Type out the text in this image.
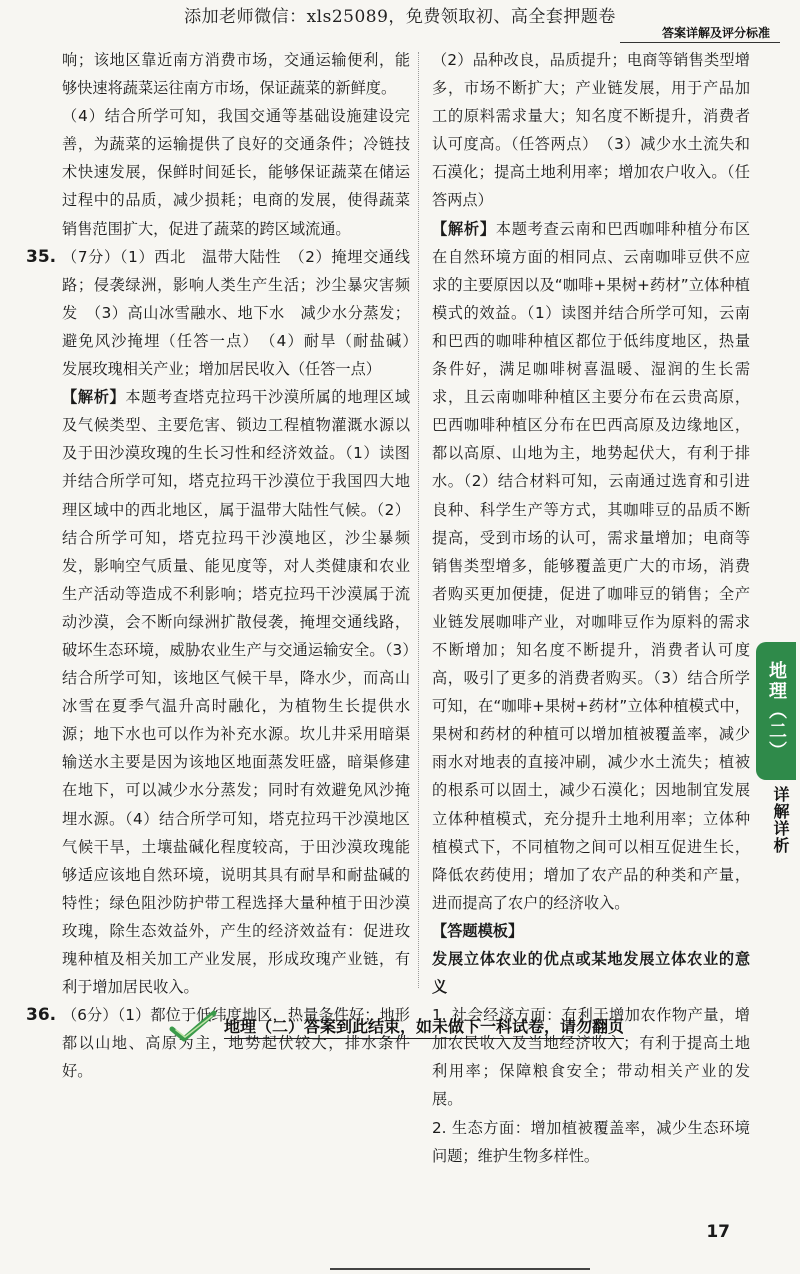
添加老师微信：xls25089，免费领取初、高全套押题卷
答案详解及评分标准

响；该地区靠近南方消费市场，交通运输便利，能够快速将蔬菜运往南方市场，保证蔬菜的新鲜度。

（4）结合所学可知，我国交通等基础设施建设完善，为蔬菜的运输提供了良好的交通条件；冷链技术快速发展，保鲜时间延长，能够保证蔬菜在储运过程中的品质，减少损耗；电商的发展，使得蔬菜销售范围扩大，促进了蔬菜的跨区域流通。

35. （7分）（1）西北　温带大陆性　（2）掩埋交通线路；侵袭绿洲，影响人类生产生活；沙尘暴灾害频发　（3）高山冰雪融水、地下水　减少水分蒸发；避免风沙掩埋（任答一点）　（4）耐旱（耐盐碱）　发展玫瑰相关产业；增加居民收入（任答一点）

【解析】本题考查塔克拉玛干沙漠所属的地理区域及气候类型、主要危害、锁边工程植物灌溉水源以及于田沙漠玫瑰的生长习性和经济效益。（1）读图并结合所学可知，塔克拉玛干沙漠位于我国四大地理区域中的西北地区，属于温带大陆性气候。（2）结合所学可知，塔克拉玛干沙漠地区，沙尘暴频发，影响空气质量、能见度等，对人类健康和农业生产活动等造成不利影响；塔克拉玛干沙漠属于流动沙漠，会不断向绿洲扩散侵袭，掩埋交通线路，破坏生态环境，威胁农业生产与交通运输安全。（3）结合所学可知，该地区气候干旱，降水少，而高山冰雪在夏季气温升高时融化，为植物生长提供水源；地下水也可以作为补充水源。坎儿井采用暗渠输送水主要是因为该地区地面蒸发旺盛，暗渠修建在地下，可以减少水分蒸发；同时有效避免风沙掩埋水源。（4）结合所学可知，塔克拉玛干沙漠地区气候干旱，土壤盐碱化程度较高，于田沙漠玫瑰能够适应该地自然环境，说明其具有耐旱和耐盐碱的特性；绿色阻沙防护带工程选择大量种植于田沙漠玫瑰，除生态效益外，产生的经济效益有：促进玫瑰种植及相关加工产业发展，形成玫瑰产业链，有利于增加居民收入。

36. （6分）（1）都位于低纬度地区，热量条件好；地形都以山地、高原为主，地势起伏较大，排水条件好。

（2）品种改良，品质提升；电商等销售类型增多，市场不断扩大；产业链发展，用于产品加工的原料需求量大；知名度不断提升，消费者认可度高。（任答两点）　（3）减少水土流失和石漠化；提高土地利用率；增加农户收入。（任答两点）

【解析】本题考查云南和巴西咖啡种植分布区在自然环境方面的相同点、云南咖啡豆供不应求的主要原因以及“咖啡+果树+药材”立体种植模式的效益。（1）读图并结合所学可知，云南和巴西的咖啡种植区都位于低纬度地区，热量条件好，满足咖啡树喜温暖、湿润的生长需求，且云南咖啡种植区主要分布在云贵高原，巴西咖啡种植区分布在巴西高原及边缘地区，都以高原、山地为主，地势起伏大，有利于排水。（2）结合材料可知，云南通过选育和引进良种、科学生产等方式，其咖啡豆的品质不断提高，受到市场的认可，需求量增加；电商等销售类型增多，能够覆盖更广大的市场，消费者购买更加便捷，促进了咖啡豆的销售；全产业链发展咖啡产业，对咖啡豆作为原料的需求不断增加；知名度不断提升，消费者认可度高，吸引了更多的消费者购买。（3）结合所学可知，在“咖啡+果树+药材”立体种植模式中，果树和药材的种植可以增加植被覆盖率，减少雨水对地表的直接冲刷，减少水土流失；植被的根系可以固土，减少石漠化；因地制宜发展立体种植模式，充分提升土地利用率；立体种植模式下，不同植物之间可以相互促进生长，降低农药使用；增加了农产品的种类和产量，进而提高了农户的经济收入。

【答题模板】

发展立体农业的优点或某地发展立体农业的意义

1. 社会经济方面：有利于增加农作物产量，增加农民收入及当地经济收入；有利于提高土地利用率；保障粮食安全；带动相关产业的发展。

2. 生态方面：增加植被覆盖率，减少生态环境问题；维护生物多样性。

地理（二）
详解详析
地理（二）答案到此结束，如未做下一科试卷，请勿翻页
17
